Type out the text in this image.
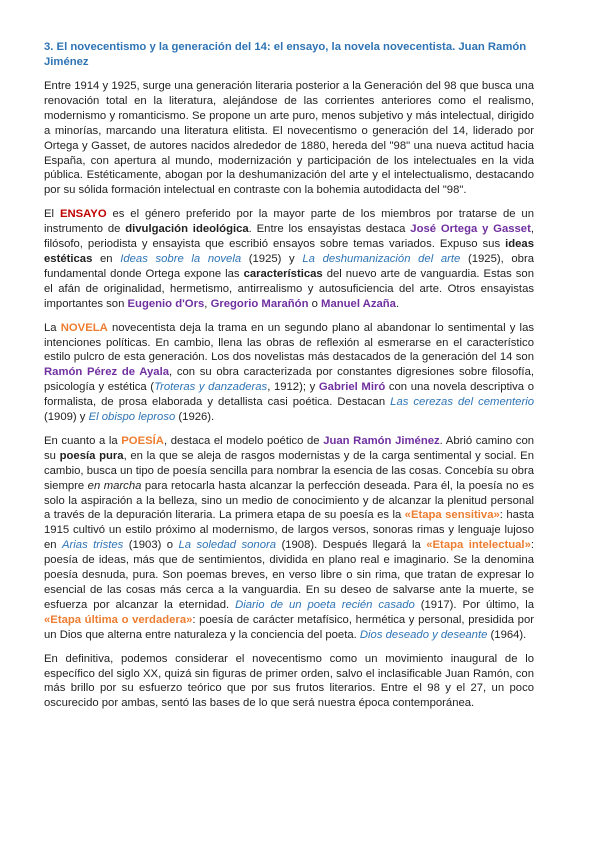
3. El novecentismo y la generación del 14: el ensayo, la novela novecentista. Juan Ramón Jiménez

Entre 1914 y 1925, surge una generación literaria posterior a la Generación del 98 que busca una renovación total en la literatura, alejándose de las corrientes anteriores como el realismo, modernismo y romanticismo. Se propone un arte puro, menos subjetivo y más intelectual, dirigido a minorías, marcando una literatura elitista. El novecentismo o generación del 14, liderado por Ortega y Gasset, de autores nacidos alrededor de 1880, hereda del "98" una nueva actitud hacia España, con apertura al mundo, modernización y participación de los intelectuales en la vida pública. Estéticamente, abogan por la deshumanización del arte y el intelectualismo, destacando por su sólida formación intelectual en contraste con la bohemia autodidacta del "98".

El ENSAYO es el género preferido por la mayor parte de los miembros por tratarse de un instrumento de divulgación ideológica. Entre los ensayistas destaca José Ortega y Gasset, filósofo, periodista y ensayista que escribió ensayos sobre temas variados. Expuso sus ideas estéticas en Ideas sobre la novela (1925) y La deshumanización del arte (1925), obra fundamental donde Ortega expone las características del nuevo arte de vanguardia. Estas son el afán de originalidad, hermetismo, antirrealismo y autosuficiencia del arte. Otros ensayistas importantes son Eugenio d'Ors, Gregorio Marañón o Manuel Azaña.

La NOVELA novecentista deja la trama en un segundo plano al abandonar lo sentimental y las intenciones políticas. En cambio, llena las obras de reflexión al esmerarse en el característico estilo pulcro de esta generación. Los dos novelistas más destacados de la generación del 14 son Ramón Pérez de Ayala, con su obra caracterizada por constantes digresiones sobre filosofía, psicología y estética (Troteras y danzaderas, 1912); y Gabriel Miró con una novela descriptiva o formalista, de prosa elaborada y detallista casi poética. Destacan Las cerezas del cementerio (1909) y El obispo leproso (1926).

En cuanto a la POESÍA, destaca el modelo poético de Juan Ramón Jiménez. Abrió camino con su poesía pura, en la que se aleja de rasgos modernistas y de la carga sentimental y social. En cambio, busca un tipo de poesía sencilla para nombrar la esencia de las cosas. Concebía su obra siempre en marcha para retocarla hasta alcanzar la perfección deseada. Para él, la poesía no es solo la aspiración a la belleza, sino un medio de conocimiento y de alcanzar la plenitud personal a través de la depuración literaria. La primera etapa de su poesía es la «Etapa sensitiva»: hasta 1915 cultivó un estilo próximo al modernismo, de largos versos, sonoras rimas y lenguaje lujoso en Arias tristes (1903) o La soledad sonora (1908). Después llegará la «Etapa intelectual»: poesía de ideas, más que de sentimientos, dividida en plano real e imaginario. Se la denomina poesía desnuda, pura. Son poemas breves, en verso libre o sin rima, que tratan de expresar lo esencial de las cosas más cerca a la vanguardia. En su deseo de salvarse ante la muerte, se esfuerza por alcanzar la eternidad. Diario de un poeta recién casado (1917). Por último, la «Etapa última o verdadera»: poesía de carácter metafísico, hermética y personal, presidida por un Dios que alterna entre naturaleza y la conciencia del poeta. Dios deseado y deseante (1964).

En definitiva, podemos considerar el novecentismo como un movimiento inaugural de lo específico del siglo XX, quizá sin figuras de primer orden, salvo el inclasificable Juan Ramón, con más brillo por su esfuerzo teórico que por sus frutos literarios. Entre el 98 y el 27, un poco oscurecido por ambas, sentó las bases de lo que será nuestra época contemporánea.
